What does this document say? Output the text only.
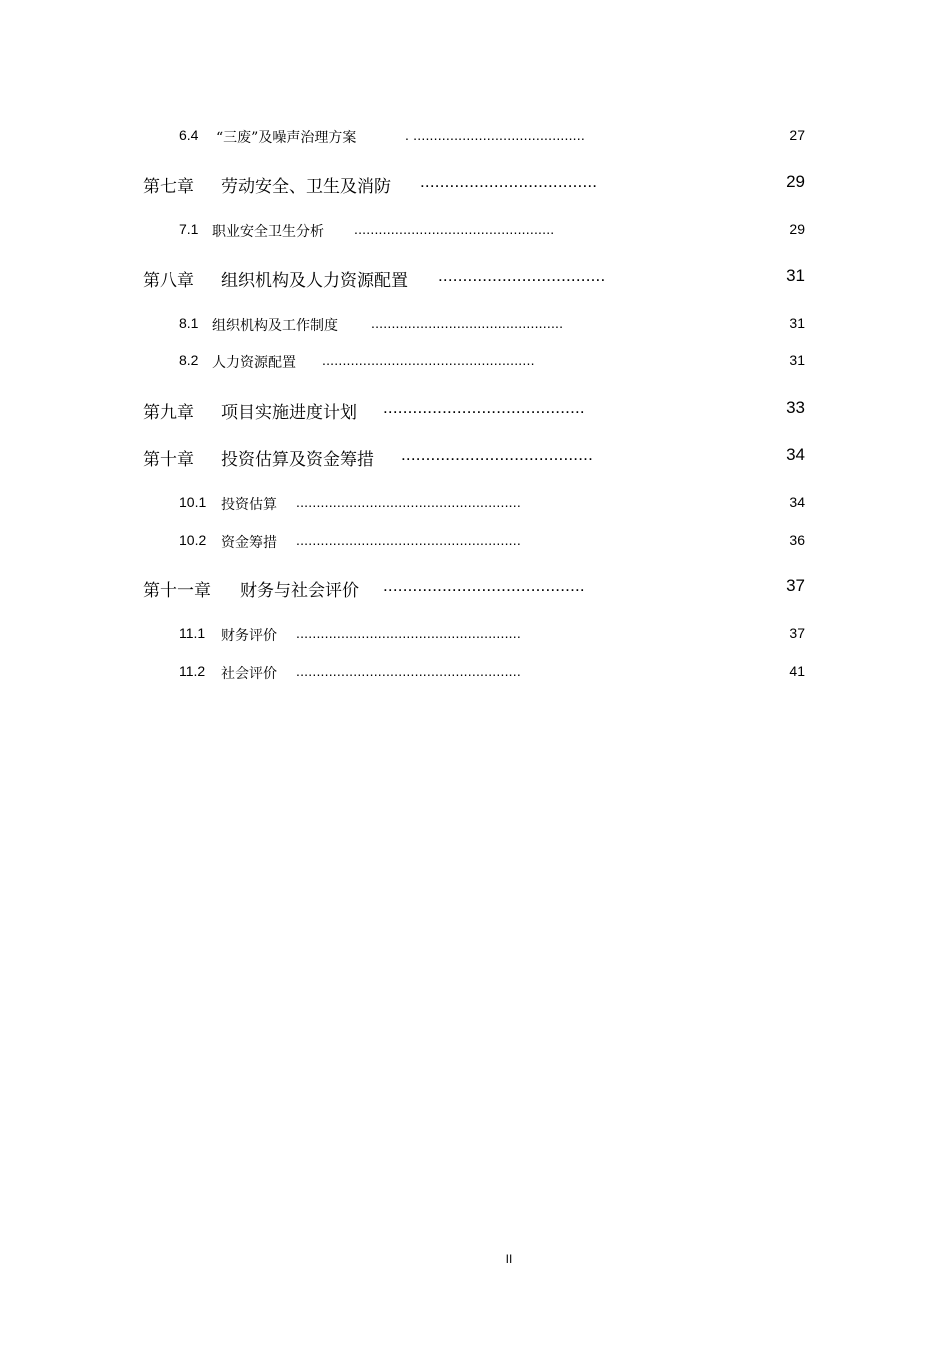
6.4 “三废”及噪声治理方案	. ..........................................	27
第七章 劳动安全、卫生及消防 ....................................	29
7.1 职业安全卫生分析 .................................................	29
第八章 组织机构及人力资源配置 ..................................	31
8.1 组织机构及工作制度 ...............................................	31
8.2 人力资源配置 ....................................................	31
第九章 项目实施进度计划 .........................................	33
第十章 投资估算及资金筹措 .......................................	34
10.1 投资估算 .......................................................	34
10.2 资金筹措 .......................................................	36
第十一章 财务与社会评价 .........................................	37
11.1 财务评价 .......................................................	37
11.2 社会评价 .......................................................	41
II
